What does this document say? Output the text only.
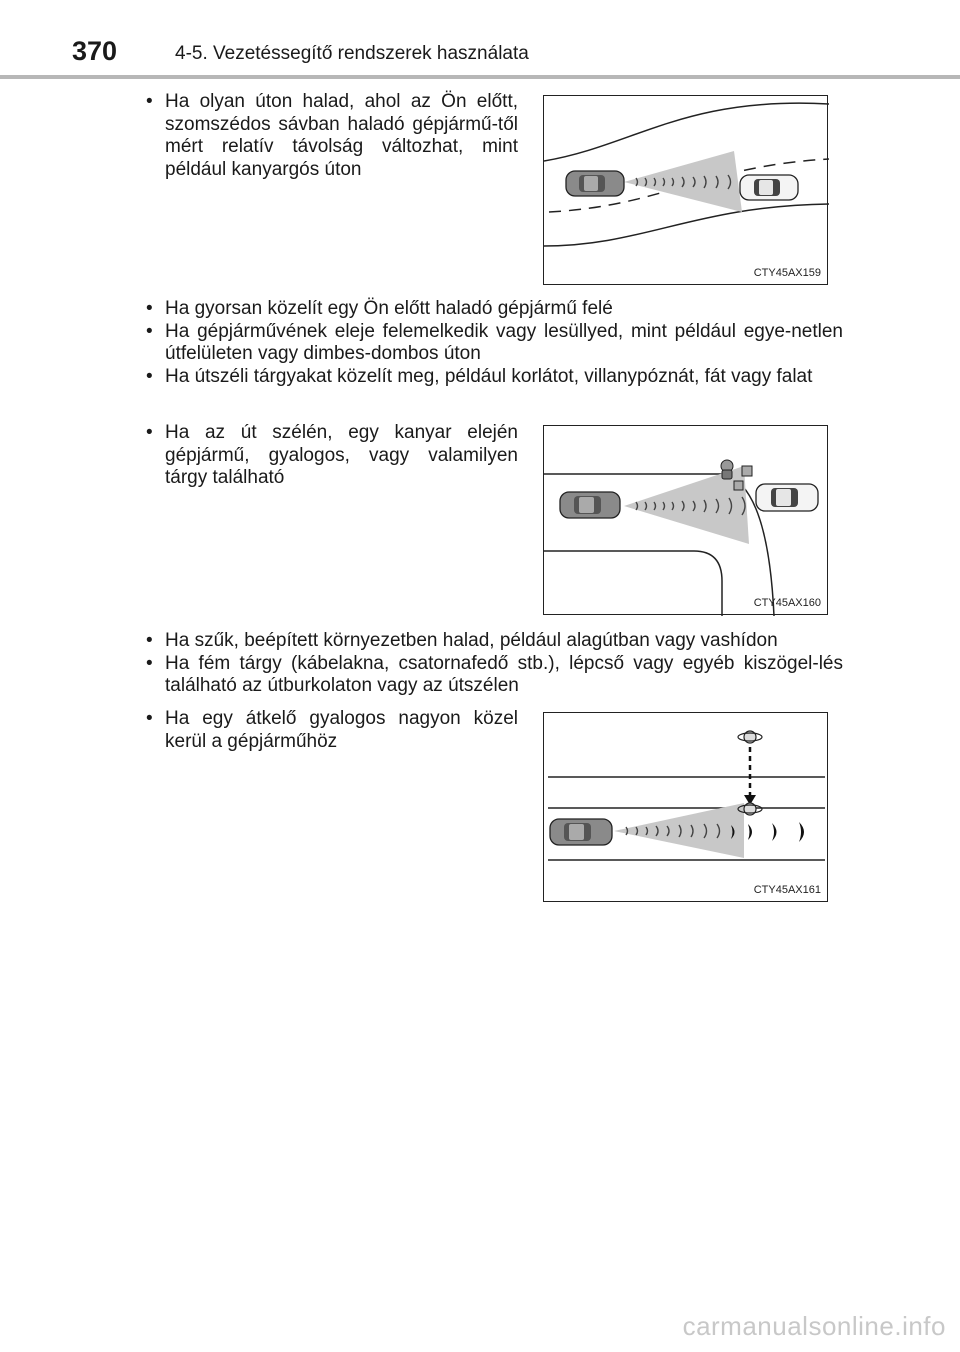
370	4-5. Vezetéssegítő rendszerek használata
• Ha olyan úton halad, ahol az Ön előtt, szomszédos sávban haladó gépjármű-től mért relatív távolság változhat, mint például kanyargós úton
CTY45AX159
• Ha gyorsan közelít egy Ön előtt haladó gépjármű felé
• Ha gépjárművének eleje felemelkedik vagy lesüllyed, mint például egye-netlen útfelületen vagy dimbes-dombos úton
• Ha útszéli tárgyakat közelít meg, például korlátot, villanypóznát, fát vagy falat
• Ha az út szélén, egy kanyar elején gépjármű, gyalogos, vagy valamilyen tárgy található
CTY45AX160
• Ha szűk, beépített környezetben halad, például alagútban vagy vashídon
• Ha fém tárgy (kábelakna, csatornafedő stb.), lépcső vagy egyéb kiszögel-lés található az útburkolaton vagy az útszélen
• Ha egy átkelő gyalogos nagyon közel kerül a gépjárműhöz
CTY45AX161
carmanualsonline.info
